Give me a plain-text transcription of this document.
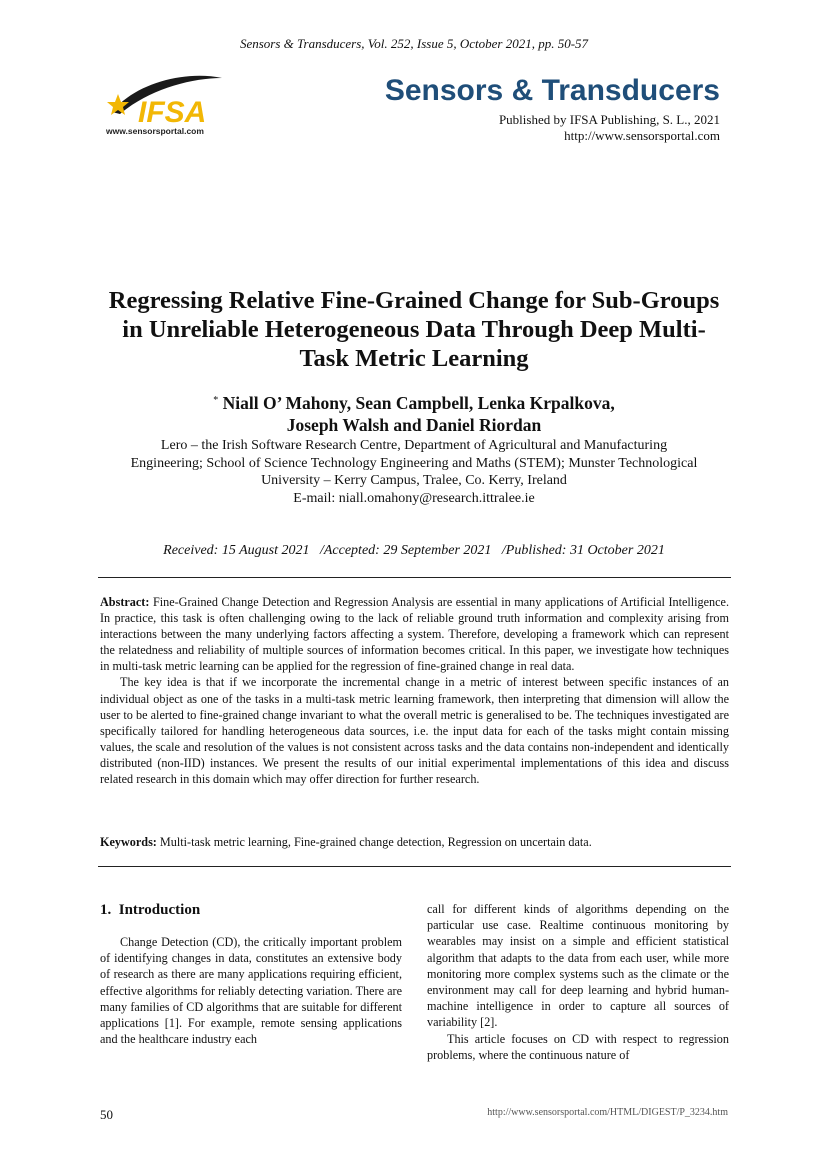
Sensors & Transducers, Vol. 252, Issue 5, October 2021, pp. 50-57
IFSA
www.sensorsportal.com
Sensors & Transducers
Published by IFSA Publishing, S. L., 2021
http://www.sensorsportal.com
Regressing Relative Fine-Grained Change for Sub-Groups
in Unreliable Heterogeneous Data Through Deep Multi-
Task Metric Learning
* Niall O’ Mahony, Sean Campbell, Lenka Krpalkova,
Joseph Walsh and Daniel Riordan
Lero – the Irish Software Research Centre, Department of Agricultural and Manufacturing
Engineering; School of Science Technology Engineering and Maths (STEM); Munster Technological
University – Kerry Campus, Tralee, Co. Kerry, Ireland
E-mail: niall.omahony@research.ittralee.ie
Received: 15 August 2021   /Accepted: 29 September 2021   /Published: 31 October 2021

Abstract: Fine-Grained Change Detection and Regression Analysis are essential in many applications of Artificial Intelligence. In practice, this task is often challenging owing to the lack of reliable ground truth information and complexity arising from interactions between the many underlying factors affecting a system. Therefore, developing a framework which can represent the relatedness and reliability of multiple sources of information becomes critical. In this paper, we investigate how techniques in multi-task metric learning can be applied for the regression of fine-grained change in real data.

The key idea is that if we incorporate the incremental change in a metric of interest between specific instances of an individual object as one of the tasks in a multi-task metric learning framework, then interpreting that dimension will allow the user to be alerted to fine-grained change invariant to what the overall metric is generalised to be. The techniques investigated are specifically tailored for handling heterogeneous data sources, i.e. the input data for each of the tasks might contain missing values, the scale and resolution of the values is not consistent across tasks and the data contains non-independent and identically distributed (non-IID) instances. We present the results of our initial experimental implementations of this idea and discuss related research in this domain which may offer direction for further research.

Keywords: Multi-task metric learning, Fine-grained change detection, Regression on uncertain data.
1.  Introduction

Change Detection (CD), the critically important problem of identifying changes in data, constitutes an extensive body of research as there are many applications requiring efficient, effective algorithms for reliably detecting variation. There are many families of CD algorithms that are suitable for different applications [1]. For example, remote sensing applications and the healthcare industry each

call for different kinds of algorithms depending on the particular use case. Realtime continuous monitoring by wearables may insist on a simple and efficient statistical algorithm that adapts to the data from each user, while more monitoring more complex systems such as the climate or the environment may call for deep learning and hybrid human-machine intelligence in order to capture all sources of variability [2].

This article focuses on CD with respect to regression problems, where the continuous nature of

50	http://www.sensorsportal.com/HTML/DIGEST/P_3234.htm
